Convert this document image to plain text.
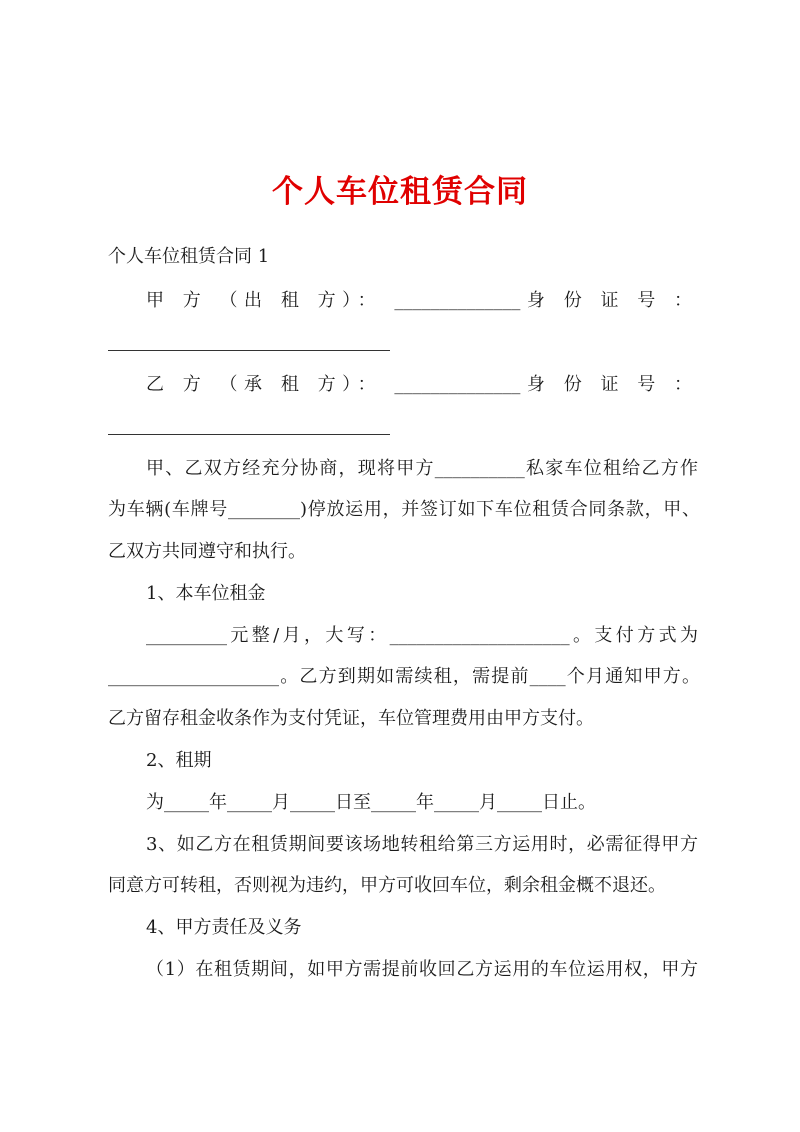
个人车位租赁合同
个人车位租赁合同 1
甲 方 （出 租 方）： ______________身 份 证 号 ：
乙 方 （承 租 方）： ______________身 份 证 号 ：
甲、乙双方经充分协商，现将甲方__________私家车位租给乙方作
为车辆(车牌号________)停放运用，并签订如下车位租赁合同条款，甲、
乙双方共同遵守和执行。
1、本车位租金
_________元整/月，大写：____________________。支付方式为
___________________。乙方到期如需续租，需提前____个月通知甲方。
乙方留存租金收条作为支付凭证，车位管理费用由甲方支付。
2、租期
为_____年_____月_____日至_____年_____月_____日止。
3、如乙方在租赁期间要该场地转租给第三方运用时，必需征得甲方
同意方可转租，否则视为违约，甲方可收回车位，剩余租金概不退还。
4、甲方责任及义务
（1）在租赁期间，如甲方需提前收回乙方运用的车位运用权，甲方
